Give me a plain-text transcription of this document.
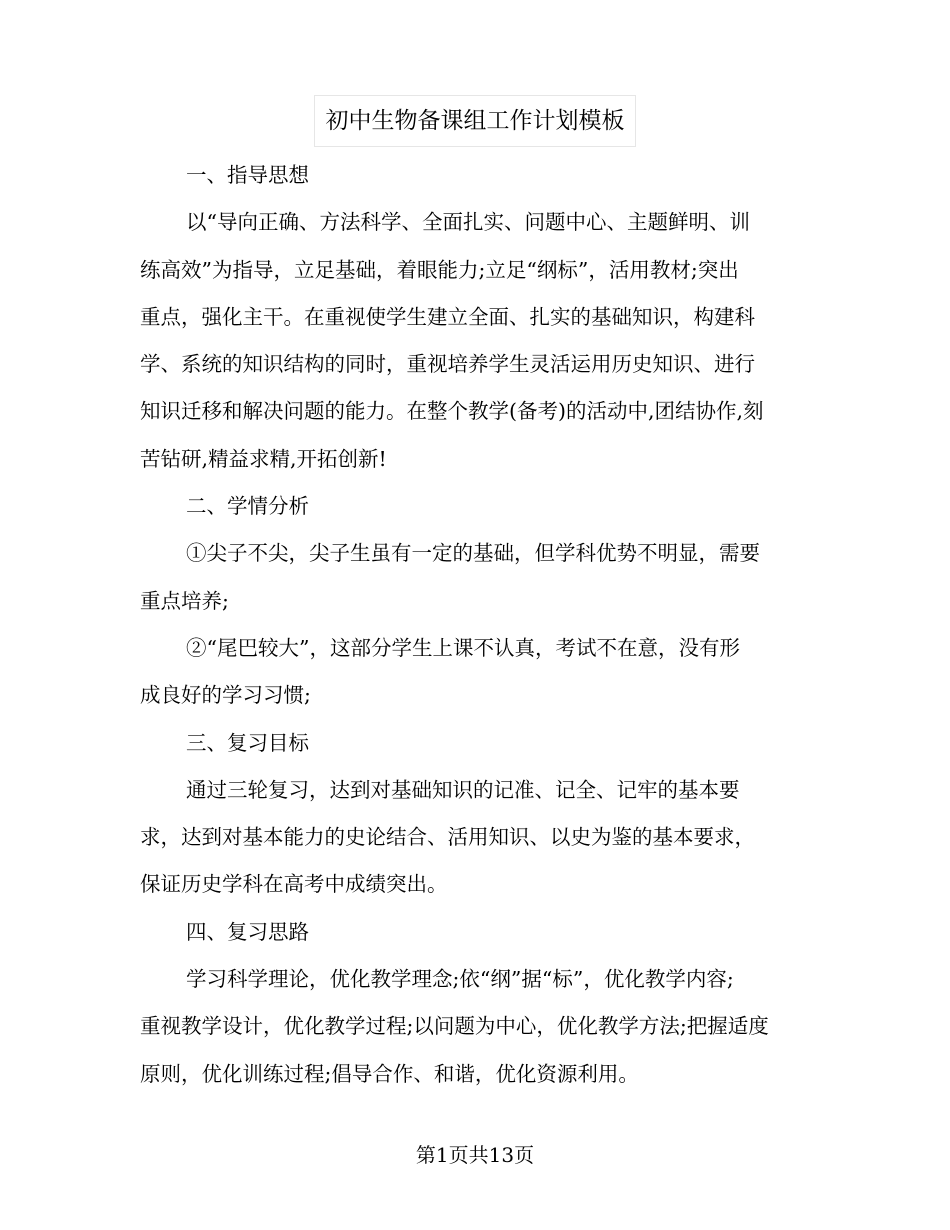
初中生物备课组工作计划模板
一、指导思想
以“导向正确、方法科学、全面扎实、问题中心、主题鲜明、训
练高效”为指导，立足基础，着眼能力;立足“纲标”，活用教材;突出
重点，强化主干。在重视使学生建立全面、扎实的基础知识，构建科
学、系统的知识结构的同时，重视培养学生灵活运用历史知识、进行
知识迁移和解决问题的能力。在整个教学(备考)的活动中,团结协作,刻
苦钻研,精益求精,开拓创新!
二、学情分析
①尖子不尖，尖子生虽有一定的基础，但学科优势不明显，需要
重点培养;
②“尾巴较大”，这部分学生上课不认真，考试不在意，没有形
成良好的学习习惯;
三、复习目标
通过三轮复习，达到对基础知识的记准、记全、记牢的基本要
求，达到对基本能力的史论结合、活用知识、以史为鉴的基本要求，
保证历史学科在高考中成绩突出。
四、复习思路
学习科学理论，优化教学理念;依“纲”据“标”，优化教学内容;
重视教学设计，优化教学过程;以问题为中心，优化教学方法;把握适度
原则，优化训练过程;倡导合作、和谐，优化资源利用。
第1页共13页
